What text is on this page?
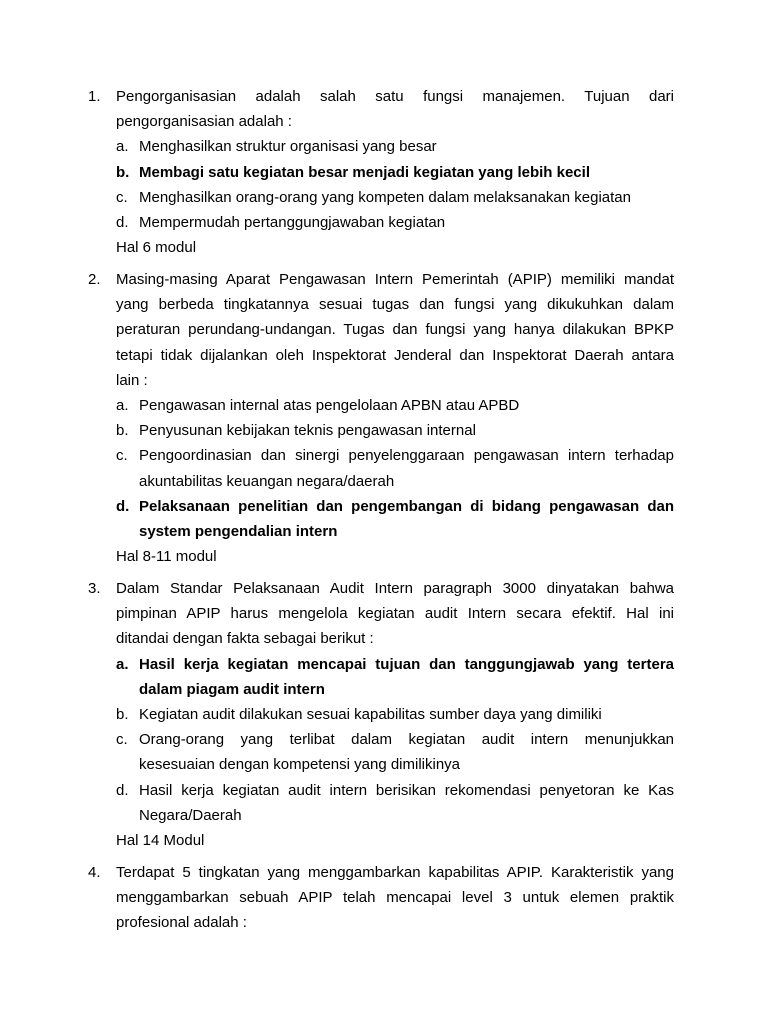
1.	Pengorganisasian adalah salah satu fungsi manajemen. Tujuan dari
pengorganisasian adalah :
a. Menghasilkan struktur organisasi yang besar
b. Membagi satu kegiatan besar menjadi kegiatan yang lebih kecil
c. Menghasilkan orang-orang yang kompeten dalam melaksanakan kegiatan
d. Mempermudah pertanggungjawaban kegiatan
Hal 6 modul
2.	Masing-masing Aparat Pengawasan Intern Pemerintah (APIP) memiliki mandat
yang berbeda tingkatannya sesuai tugas dan fungsi yang dikukuhkan dalam
peraturan perundang-undangan. Tugas dan fungsi yang hanya dilakukan BPKP
tetapi tidak dijalankan oleh Inspektorat Jenderal dan Inspektorat Daerah antara
lain :
a. Pengawasan internal atas pengelolaan APBN atau APBD
b. Penyusunan kebijakan teknis pengawasan internal
c. Pengoordinasian dan sinergi penyelenggaraan pengawasan intern terhadap
akuntabilitas keuangan negara/daerah
d. Pelaksanaan penelitian dan pengembangan di bidang pengawasan dan
system pengendalian intern
Hal 8-11 modul
3.	Dalam Standar Pelaksanaan Audit Intern paragraph 3000 dinyatakan bahwa
pimpinan APIP harus mengelola kegiatan audit Intern secara efektif. Hal ini
ditandai dengan fakta sebagai berikut :
a. Hasil kerja kegiatan mencapai tujuan dan tanggungjawab yang tertera
dalam piagam audit intern
b. Kegiatan audit dilakukan sesuai kapabilitas sumber daya yang dimiliki
c. Orang-orang yang terlibat dalam kegiatan audit intern menunjukkan
kesesuaian dengan kompetensi yang dimilikinya
d. Hasil kerja kegiatan audit intern berisikan rekomendasi penyetoran ke Kas
Negara/Daerah
Hal 14 Modul
4.	Terdapat 5 tingkatan yang menggambarkan kapabilitas APIP. Karakteristik yang
menggambarkan sebuah APIP telah mencapai level 3 untuk elemen praktik
profesional adalah :
